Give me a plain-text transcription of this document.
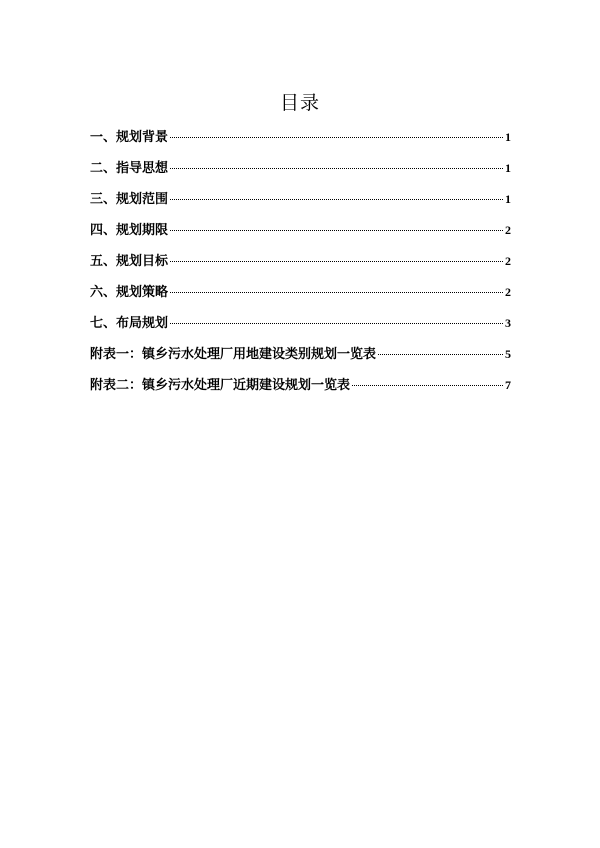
目录
一、规划背景	1
二、指导思想	1
三、规划范围	1
四、规划期限	2
五、规划目标	2
六、规划策略	2
七、布局规划	3
附表一：镇乡污水处理厂用地建设类别规划一览表	5
附表二：镇乡污水处理厂近期建设规划一览表	7
